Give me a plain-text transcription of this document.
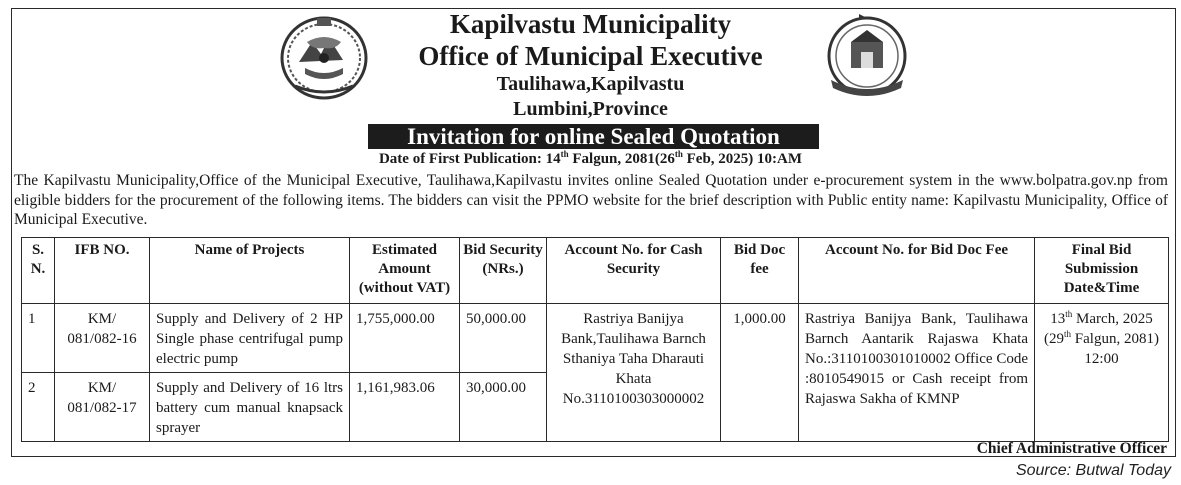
Kapilvastu Municipality
Office of Municipal Executive
Taulihawa,Kapilvastu
Lumbini,Province
Invitation for online Sealed Quotation
Date of First Publication: 14th Falgun, 2081(26th Feb, 2025) 10:AM
The Kapilvastu Municipality,Office of the Municipal Executive, Taulihawa,Kapilvastu invites online Sealed Quotation under e-procurement system in the www.bolpatra.gov.np from eligible bidders for the procurement of the following items. The bidders can visit the PPMO website for the brief description with Public entity name: Kapilvastu Municipality, Office of Municipal Executive.
S. N.	IFB NO.	Name of Projects	Estimated Amount (without VAT)	Bid Security (NRs.)	Account No. for Cash Security	Bid Doc fee	Account No. for Bid Doc Fee	Final Bid Submission Date&Time
1	KM/ 081/082-16	Supply and Delivery of 2 HP Single phase centrifugal pump electric pump	1,755,000.00	50,000.00	Rastriya Banijya Bank,Taulihawa Barnch Sthaniya Taha Dharauti Khata No.3110100303000002	1,000.00	Rastriya Banijya Bank, Taulihawa Barnch Aantarik Rajaswa Khata No.:3110100301010002 Office Code :8010549015 or Cash receipt from Rajaswa Sakha of KMNP	13th March, 2025 (29th Falgun, 2081) 12:00
2	KM/ 081/082-17	Supply and Delivery of 16 ltrs battery cum manual knapsack sprayer	1,161,983.06	30,000.00				
Chief Administrative Officer
Source: Butwal Today
